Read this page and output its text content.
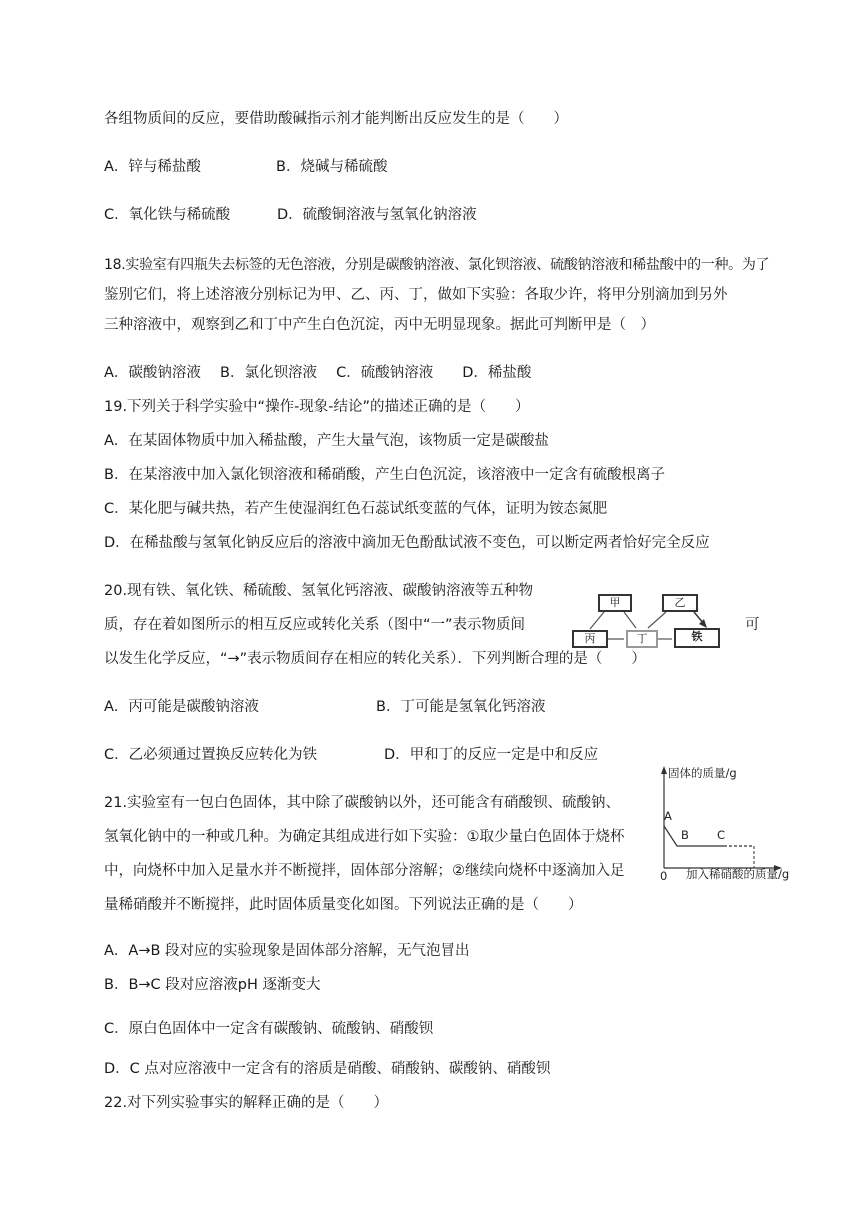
各组物质间的反应，要借助酸碱指示剂才能判断出反应发生的是（　　）
A．锌与稀盐酸	B．烧碱与稀硫酸
C．氧化铁与稀硫酸	D．硫酸铜溶液与氢氧化钠溶液
18.实验室有四瓶失去标签的无色溶液，分别是碳酸钠溶液、氯化钡溶液、硫酸钠溶液和稀盐酸中的一种。为了
鉴别它们，将上述溶液分别标记为甲、乙、丙、丁，做如下实验：各取少许，将甲分别滴加到另外
三种溶液中，观察到乙和丁中产生白色沉淀，丙中无明显现象。据此可判断甲是（　）
A．碳酸钠溶液　 B．氯化钡溶液　 C．硫酸钠溶液　　D．稀盐酸
19.下列关于科学实验中“操作-现象-结论”的描述正确的是（　　）
A．在某固体物质中加入稀盐酸，产生大量气泡，该物质一定是碳酸盐
B．在某溶液中加入氯化钡溶液和稀硝酸，产生白色沉淀，该溶液中一定含有硫酸根离子
C．某化肥与碱共热，若产生使湿润红色石蕊试纸变蓝的气体，证明为铵态氮肥
D．在稀盐酸与氢氧化钠反应后的溶液中滴加无色酚酞试液不变色，可以断定两者恰好完全反应
20.现有铁、氧化铁、稀硫酸、氢氧化钙溶液、碳酸钠溶液等五种物
质，存在着如图所示的相互反应或转化关系（图中“一”表示物质间	可
以发生化学反应，“→”表示物质间存在相应的转化关系）．下列判断合理的是（　　）
甲	乙
丙	丁	铁
A．丙可能是碳酸钠溶液	B．丁可能是氢氧化钙溶液
C．乙必须通过置换反应转化为铁	D．甲和丁的反应一定是中和反应
21.实验室有一包白色固体，其中除了碳酸钠以外，还可能含有硝酸钡、硫酸钠、
氢氧化钠中的一种或几种。为确定其组成进行如下实验：①取少量白色固体于烧杯
中，向烧杯中加入足量水并不断搅拌，固体部分溶解；②继续向烧杯中逐滴加入足
量稀硝酸并不断搅拌，此时固体质量变化如图。下列说法正确的是（　　）
固体的质量/g
A
B C
0 加入稀硝酸的质量/g
A．A→B 段对应的实验现象是固体部分溶解，无气泡冒出
B．B→C 段对应溶液pH 逐渐变大
C．原白色固体中一定含有碳酸钠、硫酸钠、硝酸钡
D．C 点对应溶液中一定含有的溶质是硝酸、硝酸钠、碳酸钠、硝酸钡
22.对下列实验事实的解释正确的是（　　）
